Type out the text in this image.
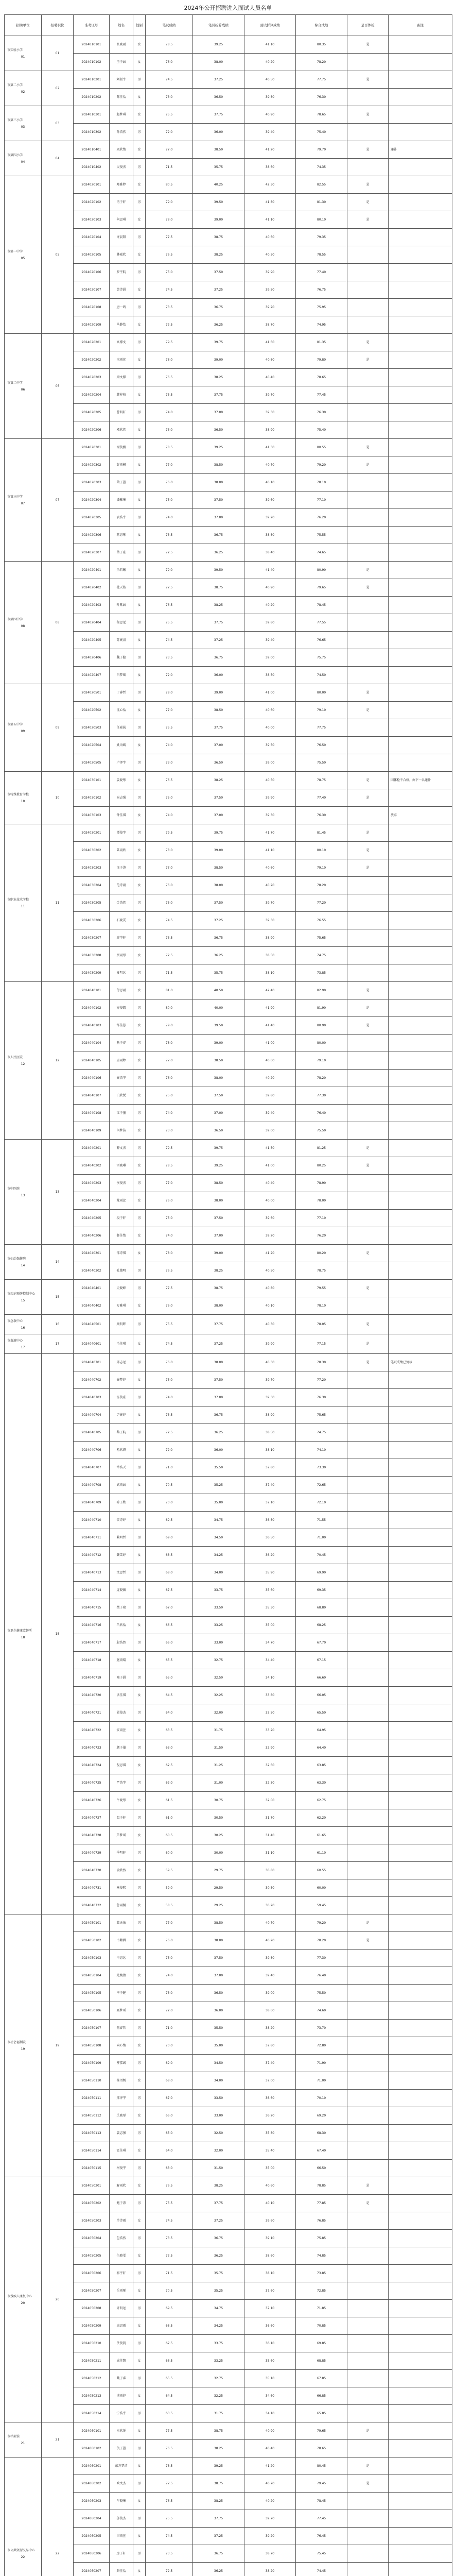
2024年公开招聘进入面试人员名单
招聘单位	招聘职位	准考证号	姓名	性别	笔试成绩	笔试折算成绩	面试折算成绩	综合成绩	是否体检	备注

市实验小学
01	01	2024010101	张晓雨	女	78.5	39.25	41.10	80.35	是	
		2024010102	王子涵	女	76.0	38.00	40.20	78.20		

市第二小学
02	02	2024010201	刘振宇	男	74.5	37.25	40.50	77.75	是	
		2024010202	陈佳怡	女	73.0	36.50	39.80	76.30		

市第三小学
03	03	2024010301	赵梦琪	女	75.5	37.75	40.90	78.65	是	
		2024010302	孙浩然	男	72.0	36.00	39.40	75.40		

市第四小学
04	04	2024010401	周欣怡	女	77.0	38.50	41.20	79.70	是	递补
		2024010402	吴俊杰	男	71.5	35.75	38.60	74.35		

市第一中学
05	05	2024020101	郑雅婷	女	80.5	40.25	42.30	82.55	是	
		2024020102	冯子轩	男	79.0	39.50	41.80	81.30	是	
		2024020103	何思琪	女	78.0	39.00	41.10	80.10	是	
		2024020104	许晨阳	男	77.5	38.75	40.60	79.35		
		2024020105	林嘉欣	女	76.5	38.25	40.30	78.55		
		2024020106	罗宇航	男	75.0	37.50	39.90	77.40		
		2024020107	黄诗涵	女	74.5	37.25	39.50	76.75		
		2024020108	唐一鸣	男	73.5	36.75	39.20	75.95		
		2024020109	马静怡	女	72.5	36.25	38.70	74.95		

市第二中学
06	06	2024020201	高博文	男	79.5	39.75	41.60	81.35	是	
		2024020202	宋雨萱	女	78.0	39.00	40.80	79.80	是	
		2024020203	梁文博	男	76.5	38.25	40.40	78.65		
		2024020204	韩梓萌	女	75.5	37.75	39.70	77.45		
		2024020205	曹明轩	男	74.0	37.00	39.30	76.30		
		2024020206	邓欣然	女	73.0	36.50	38.90	75.40		

市第三中学
07	07	2024020301	谢俊熙	男	78.5	39.25	41.30	80.55	是	
		2024020302	彭雨桐	女	77.0	38.50	40.70	79.20	是	
		2024020303	萧子墨	男	76.0	38.00	40.10	78.10		
		2024020304	潘雅琳	女	75.0	37.50	39.60	77.10		
		2024020305	袁浩宇	男	74.0	37.00	39.20	76.20		
		2024020306	蒋思彤	女	73.5	36.75	38.80	75.55		
		2024020307	蔡子豪	男	72.5	36.25	38.40	74.65		

市第四中学
08	08	2024020401	余若曦	女	79.0	39.50	41.40	80.90	是	
		2024020402	杜天佑	男	77.5	38.75	40.90	79.65	是	
		2024020403	叶紫涵	女	76.5	38.25	40.20	78.45		
		2024020404	程思远	男	75.5	37.75	39.80	77.55		
		2024020405	苏婉清	女	74.5	37.25	39.40	76.65		
		2024020406	魏子健	男	73.5	36.75	39.00	75.75		
		2024020407	吕梦瑶	女	72.0	36.00	38.50	74.50		

市第五中学
09	09	2024020501	丁睿哲	男	78.0	39.00	41.00	80.00	是	
		2024020502	沈心怡	女	77.0	38.50	40.60	79.10	是	
		2024020503	任嘉诚	男	75.5	37.75	40.00	77.75		
		2024020504	姚语嫣	女	74.0	37.00	39.50	76.50		
		2024020505	卢泽宇	男	73.0	36.50	39.00	75.50		

市特殊教育学校
10	10	2024030101	姜晓彤	女	76.5	38.25	40.50	78.75	是	因体检不合格，由下一名递补
		2024030102	崔志强	男	75.0	37.50	39.90	77.40	是	
		2024030103	钟佳琪	女	74.0	37.00	39.30	76.30		放弃

市职业技术学校
11	11	2024030201	谭俊宇	男	79.5	39.75	41.70	81.45	是	
		2024030202	陆雨欣	女	78.0	39.00	41.10	80.10	是	
		2024030203	汪子涛	男	77.0	38.50	40.60	79.10	是	
		2024030204	范诗雨	女	76.0	38.00	40.20	78.20		
		2024030205	金浩然	男	75.0	37.50	39.70	77.20		
		2024030206	石晓雯	女	74.5	37.25	39.30	76.55		
		2024030207	廖宇轩	男	73.5	36.75	38.90	75.65		
		2024030208	贾雨彤	女	72.5	36.25	38.50	74.75		
		2024030209	夏明远	男	71.5	35.75	38.10	73.85		

市人民医院
12	12	2024040101	付思雨	女	81.0	40.50	42.40	82.90	是	
		2024040102	方俊凯	男	80.0	40.00	41.90	81.90	是	
		2024040103	邹佳慧	女	79.0	39.50	41.40	80.90	是	
		2024040104	熊子睿	男	78.0	39.00	41.00	80.00		
		2024040105	孟雨婷	女	77.0	38.50	40.60	79.10		
		2024040106	秦浩宇	男	76.0	38.00	40.20	78.20		
		2024040107	白欣悦	女	75.0	37.50	39.80	77.30		
		2024040108	江子墨	男	74.0	37.00	39.40	76.40		
		2024040109	闫梦洁	女	73.0	36.50	39.00	75.50		

市中医院
13	13	2024040201	薛文杰	男	79.5	39.75	41.50	81.25	是	
		2024040202	雷晓琳	女	78.5	39.25	41.00	80.25	是	
		2024040203	侯俊杰	男	77.0	38.50	40.40	78.90		
		2024040204	龙雨萱	女	76.0	38.00	40.00	78.00		
		2024040205	段子轩	男	75.0	37.50	39.60	77.10		
		2024040206	郝佳怡	女	74.0	37.00	39.20	76.20		

市妇幼保健院
14	14	2024040301	邵诗琪	女	78.0	39.00	41.20	80.20	是	
		2024040302	孔德明	男	76.5	38.25	40.50	78.75		

市疾病预防控制中心
15	15	2024040401	史晓峰	男	77.5	38.75	40.80	79.55	是	
		2024040402	万雅琪	女	76.0	38.00	40.10	78.10		

市急救中心
16	16	2024040501	顾明辉	男	75.5	37.75	40.30	78.05	是	

市血液中心
17	17	2024040601	毛佳琪	女	74.5	37.25	39.90	77.15	是	

市卫生健康监督所
18	18	2024040701	邱志远	男	76.0	38.00	40.30	78.30	是	笔试成绩已复核
		2024040702	秦梦婷	女	75.0	37.50	39.70	77.20		
		2024040703	汤俊豪	男	74.0	37.00	39.30	76.30		
		2024040704	尹婉婷	女	73.5	36.75	38.90	75.65		
		2024040705	黎子航	男	72.5	36.25	38.50	74.75		
		2024040706	易欣妍	女	72.0	36.00	38.10	74.10		
		2024040707	常浩天	男	71.0	35.50	37.80	73.30		
		2024040708	武雨涵	女	70.5	35.25	37.40	72.65		
		2024040709	乔子默	男	70.0	35.00	37.10	72.10		
		2024040710	贺诗婷	女	69.5	34.75	36.80	71.55		
		2024040711	赖明哲	男	69.0	34.50	36.50	71.00		
		2024040712	龚雪婷	女	68.5	34.25	36.20	70.45		
		2024040713	文思哲	男	68.0	34.00	35.90	69.90		
		2024040714	庞晓薇	女	67.5	33.75	35.60	69.35		
		2024040715	樊子瑞	男	67.0	33.50	35.30	68.80		
		2024040716	兰欣怡	女	66.5	33.25	35.00	68.25		
		2024040717	殷浩然	男	66.0	33.00	34.70	67.70		
		2024040718	施雨晴	女	65.5	32.75	34.40	67.15		
		2024040719	陶子涵	男	65.0	32.50	34.10	66.60		
		2024040720	洪佳琪	女	64.5	32.25	33.80	66.05		
		2024040721	翟俊杰	男	64.0	32.00	33.50	65.50		
		2024040722	安雨萱	女	63.5	31.75	33.20	64.95		
		2024040723	颜子墨	男	63.0	31.50	32.90	64.40		
		2024040724	倪思琪	女	62.5	31.25	32.60	63.85		
		2024040725	严浩宇	男	62.0	31.00	32.30	63.30		
		2024040726	牛晓彤	女	61.5	30.75	32.00	62.75		
		2024040727	温子轩	男	61.0	30.50	31.70	62.20		
		2024040728	芦梦瑶	女	60.5	30.25	31.40	61.65		
		2024040729	季明轩	男	60.0	30.00	31.10	61.10		
		2024040730	俞欣然	女	59.5	29.75	30.80	60.55		
		2024040731	章俊熙	男	59.0	29.50	30.50	60.00		
		2024040732	鲁雨桐	女	58.5	29.25	30.20	59.45		

市社会福利院
19	19	2024050101	葛天佑	男	77.0	38.50	40.70	79.20	是	
		2024050102	韦紫涵	女	76.0	38.00	40.20	78.20	是	
		2024050103	申思远	男	75.0	37.50	39.80	77.30		
		2024050104	尤婉清	女	74.0	37.00	39.40	76.40		
		2024050105	毕子健	男	73.0	36.50	39.00	75.50		
		2024050106	聂梦瑶	女	72.0	36.00	38.60	74.60		
		2024050107	焦睿哲	男	71.0	35.50	38.20	73.70		
		2024050108	向心怡	女	70.0	35.00	37.80	72.80		
		2024050109	柳嘉诚	男	69.0	34.50	37.40	71.90		
		2024050110	桂语嫣	女	68.0	34.00	37.00	71.00		
		2024050111	邢泽宇	男	67.0	33.50	36.60	70.10		
		2024050112	关晓彤	女	66.0	33.00	36.20	69.20		
		2024050113	裴志强	男	65.0	32.50	35.80	68.30		
		2024050114	霍佳琪	女	64.0	32.00	35.40	67.40		
		2024050115	柯俊宇	男	63.0	31.50	35.00	66.50		

市残疾人康复中心
20	20	2024050201	解雨欣	女	76.5	38.25	40.60	78.85	是	
		2024050202	鲍子涛	男	75.5	37.75	40.10	77.85	是	
		2024050203	单诗雨	女	74.5	37.25	39.60	76.85		
		2024050204	包浩然	男	73.5	36.75	39.10	75.85		
		2024050205	伍晓雯	女	72.5	36.25	38.60	74.85		
		2024050206	祁宇轩	男	71.5	35.75	38.10	73.85		
		2024050207	岳雨彤	女	70.5	35.25	37.60	72.85		
		2024050208	齐明远	男	69.5	34.75	37.10	71.85		
		2024050209	康思雨	女	68.5	34.25	36.60	70.85		
		2024050210	伏俊凯	男	67.5	33.75	36.10	69.85		
		2024050211	成佳慧	女	66.5	33.25	35.60	68.85		
		2024050212	戴子睿	男	65.5	32.75	35.10	67.85		
		2024050213	谈雨婷	女	64.5	32.25	34.60	66.85		
		2024050214	宁浩宇	男	63.5	31.75	34.10	65.85		

市档案馆
21	21	2024060101	应欣悦	女	77.5	38.75	40.90	79.65	是	
		2024060102	仇子墨	男	76.5	38.25	40.40	78.65		

市公共资源交易中心
22	22	2024060201	东方梦洁	女	78.5	39.25	41.20	80.45	是	
		2024060202	欧文杰	男	77.5	38.75	40.70	79.45	是	
		2024060203	车晓琳	女	76.5	38.25	40.20	78.45		
		2024060204	邬俊杰	男	75.5	37.75	39.70	77.45		
		2024060205	田雨萱	女	74.5	37.25	39.20	76.45		
		2024060206	房子轩	男	73.5	36.75	38.70	75.45		
		2024060207	路佳怡	女	72.5	36.25	38.20	74.45		
